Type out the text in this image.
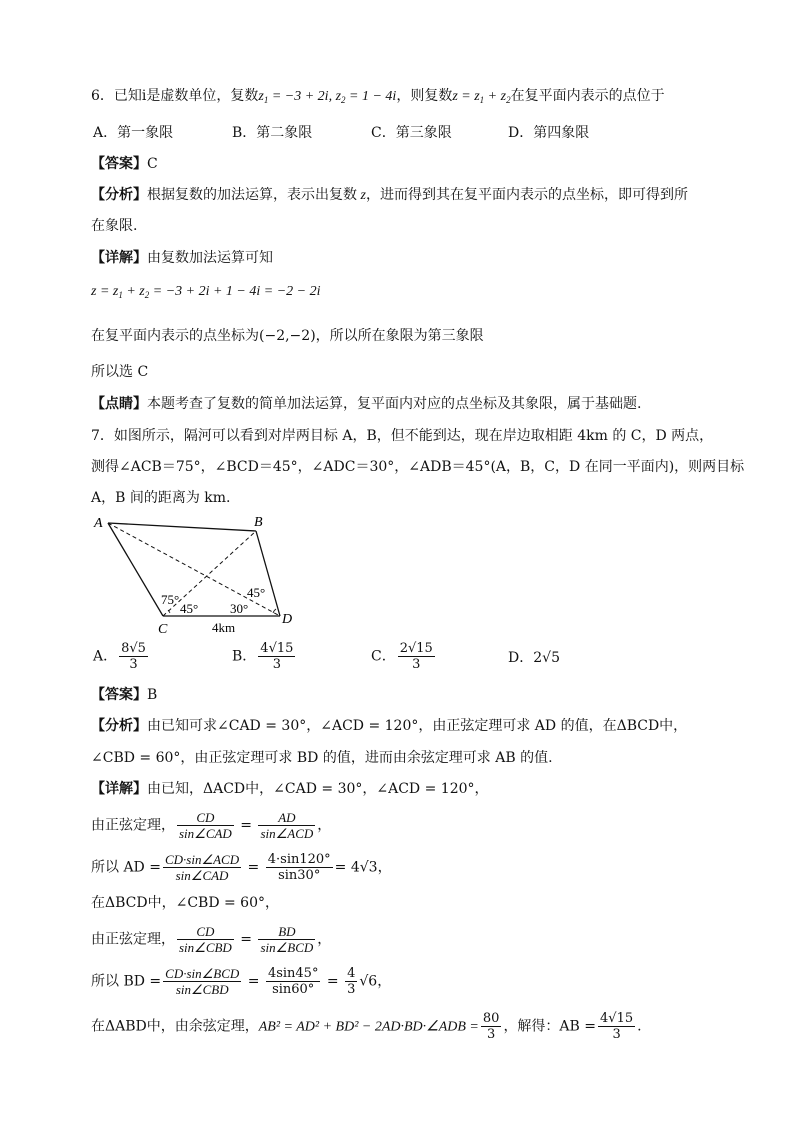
6．已知i是虚数单位，复数$z_1 = -3 + 2i$, $z_2 = 1 - 4i$，则复数$z = z_1 + z_2$在复平面内表示的点位于
A．第一象限	B．第二象限	C．第三象限	D．第四象限
【答案】C
【分析】根据复数的加法运算，表示出复数 z，进而得到其在复平面内表示的点坐标，即可得到所
在象限.
【详解】由复数加法运算可知
$z = z_1 + z_2 = -3 + 2i + 1 - 4i = -2 - 2i$
在复平面内表示的点坐标为(−2,−2)，所以所在象限为第三象限
所以选 C
【点睛】本题考查了复数的简单加法运算，复平面内对应的点坐标及其象限，属于基础题.
7．如图所示，隔河可以看到对岸两目标 A，B，但不能到达，现在岸边取相距 4km 的 C，D 两点，
测得∠ACB＝75°，∠BCD＝45°，∠ADC＝30°，∠ADB＝45°(A，B，C，D 在同一平面内)，则两目标
A，B 间的距离为 km.
A	B
C
D
75°
45° 30°
45°
4km
A． $\frac{8√5}{3}$	B． $\frac{4√15}{3}$	C． $\frac{2√15}{3}$	D．2√5
【答案】B
【分析】由已知可求∠CAD = 30°，∠ACD = 120°，由正弦定理可求 AD 的值，在ΔBCD中，
∠CBD = 60°，由正弦定理可求 BD 的值，进而由余弦定理可求 AB 的值.
【详解】由已知，ΔACD中，∠CAD = 30°，∠ACD = 120°，
由正弦定理， $\frac{CD}{\text{sin∠CAD}} = \frac{AD}{\text{sin∠ACD}}$ ，
所以 AD = $\frac{\text{CD·sin∠ACD}}{\text{sin∠CAD}} = \frac{4\cdot\sin 120^\circ}{\sin 30^\circ} = 4√3$，
在ΔBCD中，∠CBD = 60°，
由正弦定理， $\frac{CD}{\text{sin∠CBD}} = \frac{BD}{\text{sin∠BCD}}$ ，
所以 BD = $\frac{\text{CD·sin∠BCD}}{\text{sin∠CBD}} = \frac{4\sin 45^\circ}{\sin 60^\circ} = \frac{4}{3} √6$，
在ΔABD中，由余弦定理，AB² = AD² + BD² − 2AD·BD·∠ADB = $\frac{80}{3}$ ，解得：AB = $\frac{4√15}{3}$ .
